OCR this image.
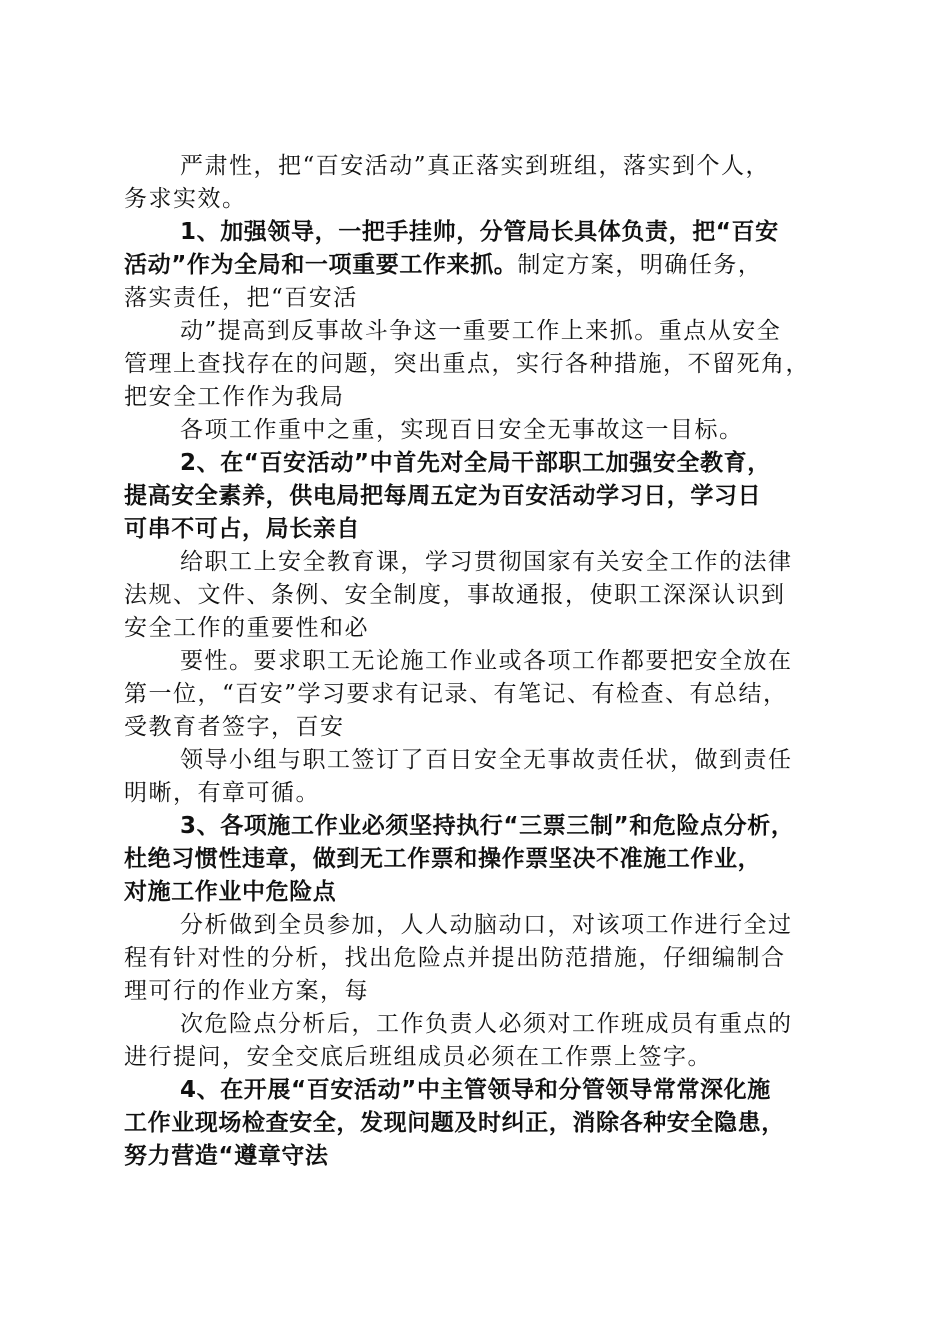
严肃性，把“百安活动”真正落实到班组，落实到个人，
务求实效。
1、加强领导，一把手挂帅，分管局长具体负责，把“百安
活动”作为全局和一项重要工作来抓。制定方案，明确任务，
落实责任，把“百安活
动”提高到反事故斗争这一重要工作上来抓。重点从安全
管理上查找存在的问题，突出重点，实行各种措施，不留死角，
把安全工作作为我局
各项工作重中之重，实现百日安全无事故这一目标。
2、在“百安活动”中首先对全局干部职工加强安全教育，
提高安全素养，供电局把每周五定为百安活动学习日，学习日
可串不可占，局长亲自
给职工上安全教育课，学习贯彻国家有关安全工作的法律
法规、文件、条例、安全制度，事故通报，使职工深深认识到
安全工作的重要性和必
要性。要求职工无论施工作业或各项工作都要把安全放在
第一位，“百安”学习要求有记录、有笔记、有检查、有总结，
受教育者签字，百安
领导小组与职工签订了百日安全无事故责任状，做到责任
明晰，有章可循。
3、各项施工作业必须坚持执行“三票三制”和危险点分析，
杜绝习惯性违章，做到无工作票和操作票坚决不准施工作业，
对施工作业中危险点
分析做到全员参加，人人动脑动口，对该项工作进行全过
程有针对性的分析，找出危险点并提出防范措施，仔细编制合
理可行的作业方案，每
次危险点分析后，工作负责人必须对工作班成员有重点的
进行提问，安全交底后班组成员必须在工作票上签字。
4、在开展“百安活动”中主管领导和分管领导常常深化施
工作业现场检查安全，发现问题及时纠正，消除各种安全隐患，
努力营造“遵章守法
